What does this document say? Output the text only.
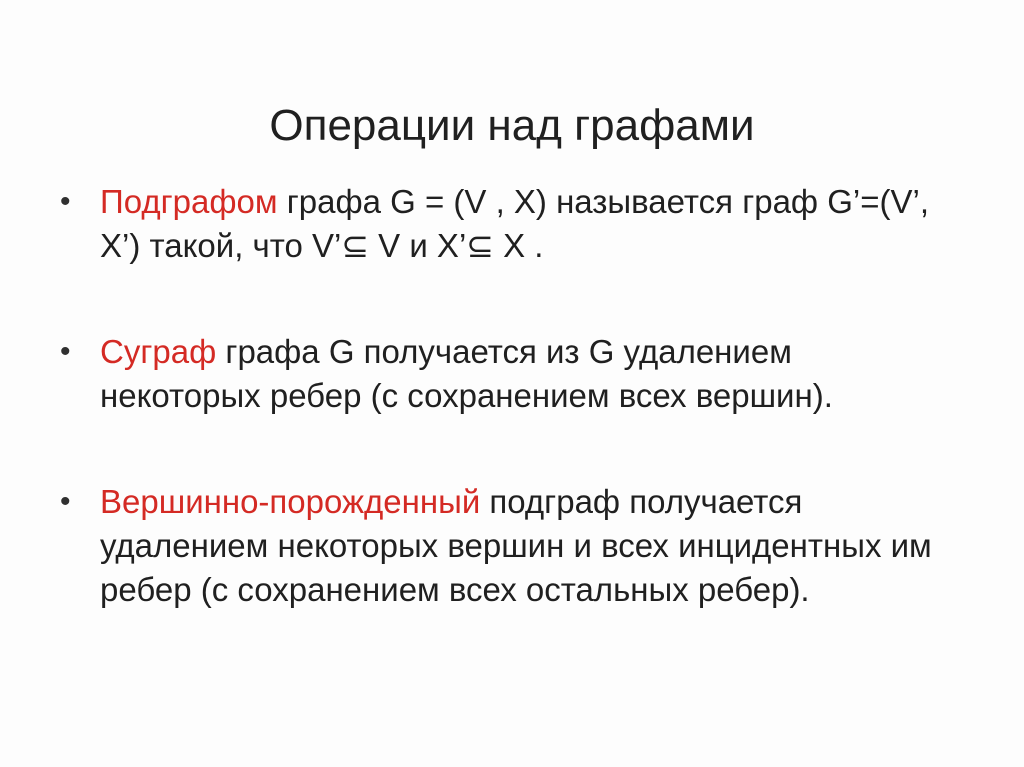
Операции над графами
• Подграфом графа G = (V , X) называется граф G’=(V’, X’) такой, что V’⊆ V и X’⊆ X .
• Суграф графа G получается из G удалением некоторых ребер (с сохранением всех вершин).
• Вершинно-порожденный подграф получается удалением некоторых вершин и всех инцидентных им ребер (с сохранением всех остальных ребер).
